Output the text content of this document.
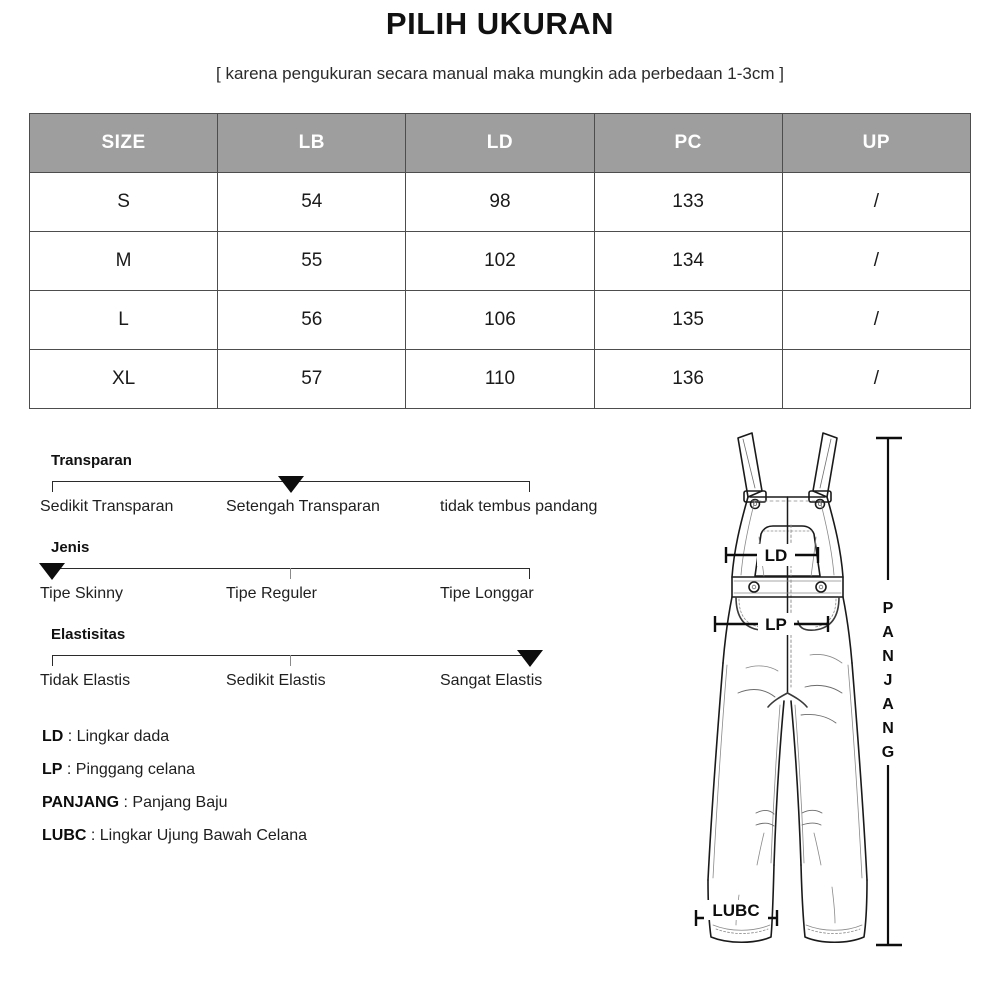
PILIH UKURAN
[ karena pengukuran secara manual maka mungkin ada perbedaan 1-3cm ]
SIZE	LB	LD	PC	UP
S	54	98	133	/
M	55	102	134	/
L	56	106	135	/
XL	57	110	136	/
Transparan
Sedikit Transparan	Setengah Transparan	tidak tembus pandang
Jenis
Tipe Skinny	Tipe Reguler	Tipe Longgar
Elastisitas
Tidak Elastis	Sedikit Elastis	Sangat Elastis
LD : Lingkar dada
LP : Pinggang celana
PANJANG : Panjang Baju
LUBC : Lingkar Ujung Bawah Celana
LD
LP
LUBC
P
A
N
J
A
N
G
